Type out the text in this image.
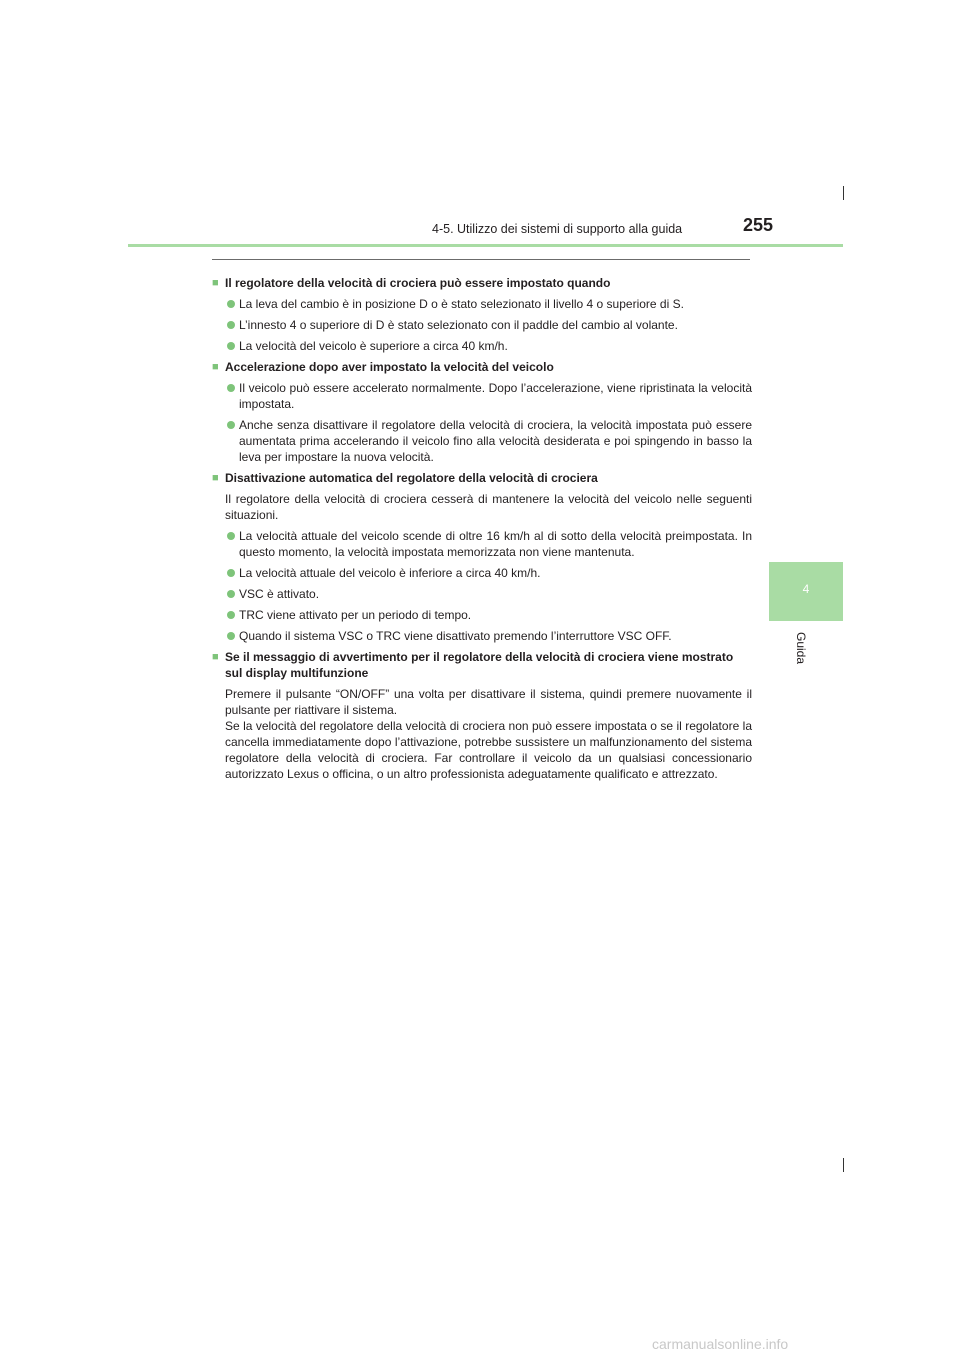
4-5. Utilizzo dei sistemi di supporto alla guida	255
4
Guida
■ Il regolatore della velocità di crociera può essere impostato quando
La leva del cambio è in posizione D o è stato selezionato il livello 4 o superiore di S.
L’innesto 4 o superiore di D è stato selezionato con il paddle del cambio al volante.
La velocità del veicolo è superiore a circa 40 km/h.
■ Accelerazione dopo aver impostato la velocità del veicolo
Il veicolo può essere accelerato normalmente. Dopo l’accelerazione, viene ripristinata la velocità impostata.
Anche senza disattivare il regolatore della velocità di crociera, la velocità impostata può essere aumentata prima accelerando il veicolo fino alla velocità desiderata e poi spingendo in basso la leva per impostare la nuova velocità.
■ Disattivazione automatica del regolatore della velocità di crociera
Il regolatore della velocità di crociera cesserà di mantenere la velocità del veicolo nelle seguenti situazioni.
La velocità attuale del veicolo scende di oltre 16 km/h al di sotto della velocità preimpostata. In questo momento, la velocità impostata memorizzata non viene mantenuta.
La velocità attuale del veicolo è inferiore a circa 40 km/h.
VSC è attivato.
TRC viene attivato per un periodo di tempo.
Quando il sistema VSC o TRC viene disattivato premendo l’interruttore VSC OFF.
■ Se il messaggio di avvertimento per il regolatore della velocità di crociera viene mostrato sul display multifunzione
Premere il pulsante “ON/OFF” una volta per disattivare il sistema, quindi premere nuovamente il pulsante per riattivare il sistema.
Se la velocità del regolatore della velocità di crociera non può essere impostata o se il regolatore la cancella immediatamente dopo l’attivazione, potrebbe sussistere un malfunzionamento del sistema regolatore della velocità di crociera. Far controllare il veicolo da un qualsiasi concessionario autorizzato Lexus o officina, o un altro professionista adeguatamente qualificato e attrezzato.
carmanualsonline.info
